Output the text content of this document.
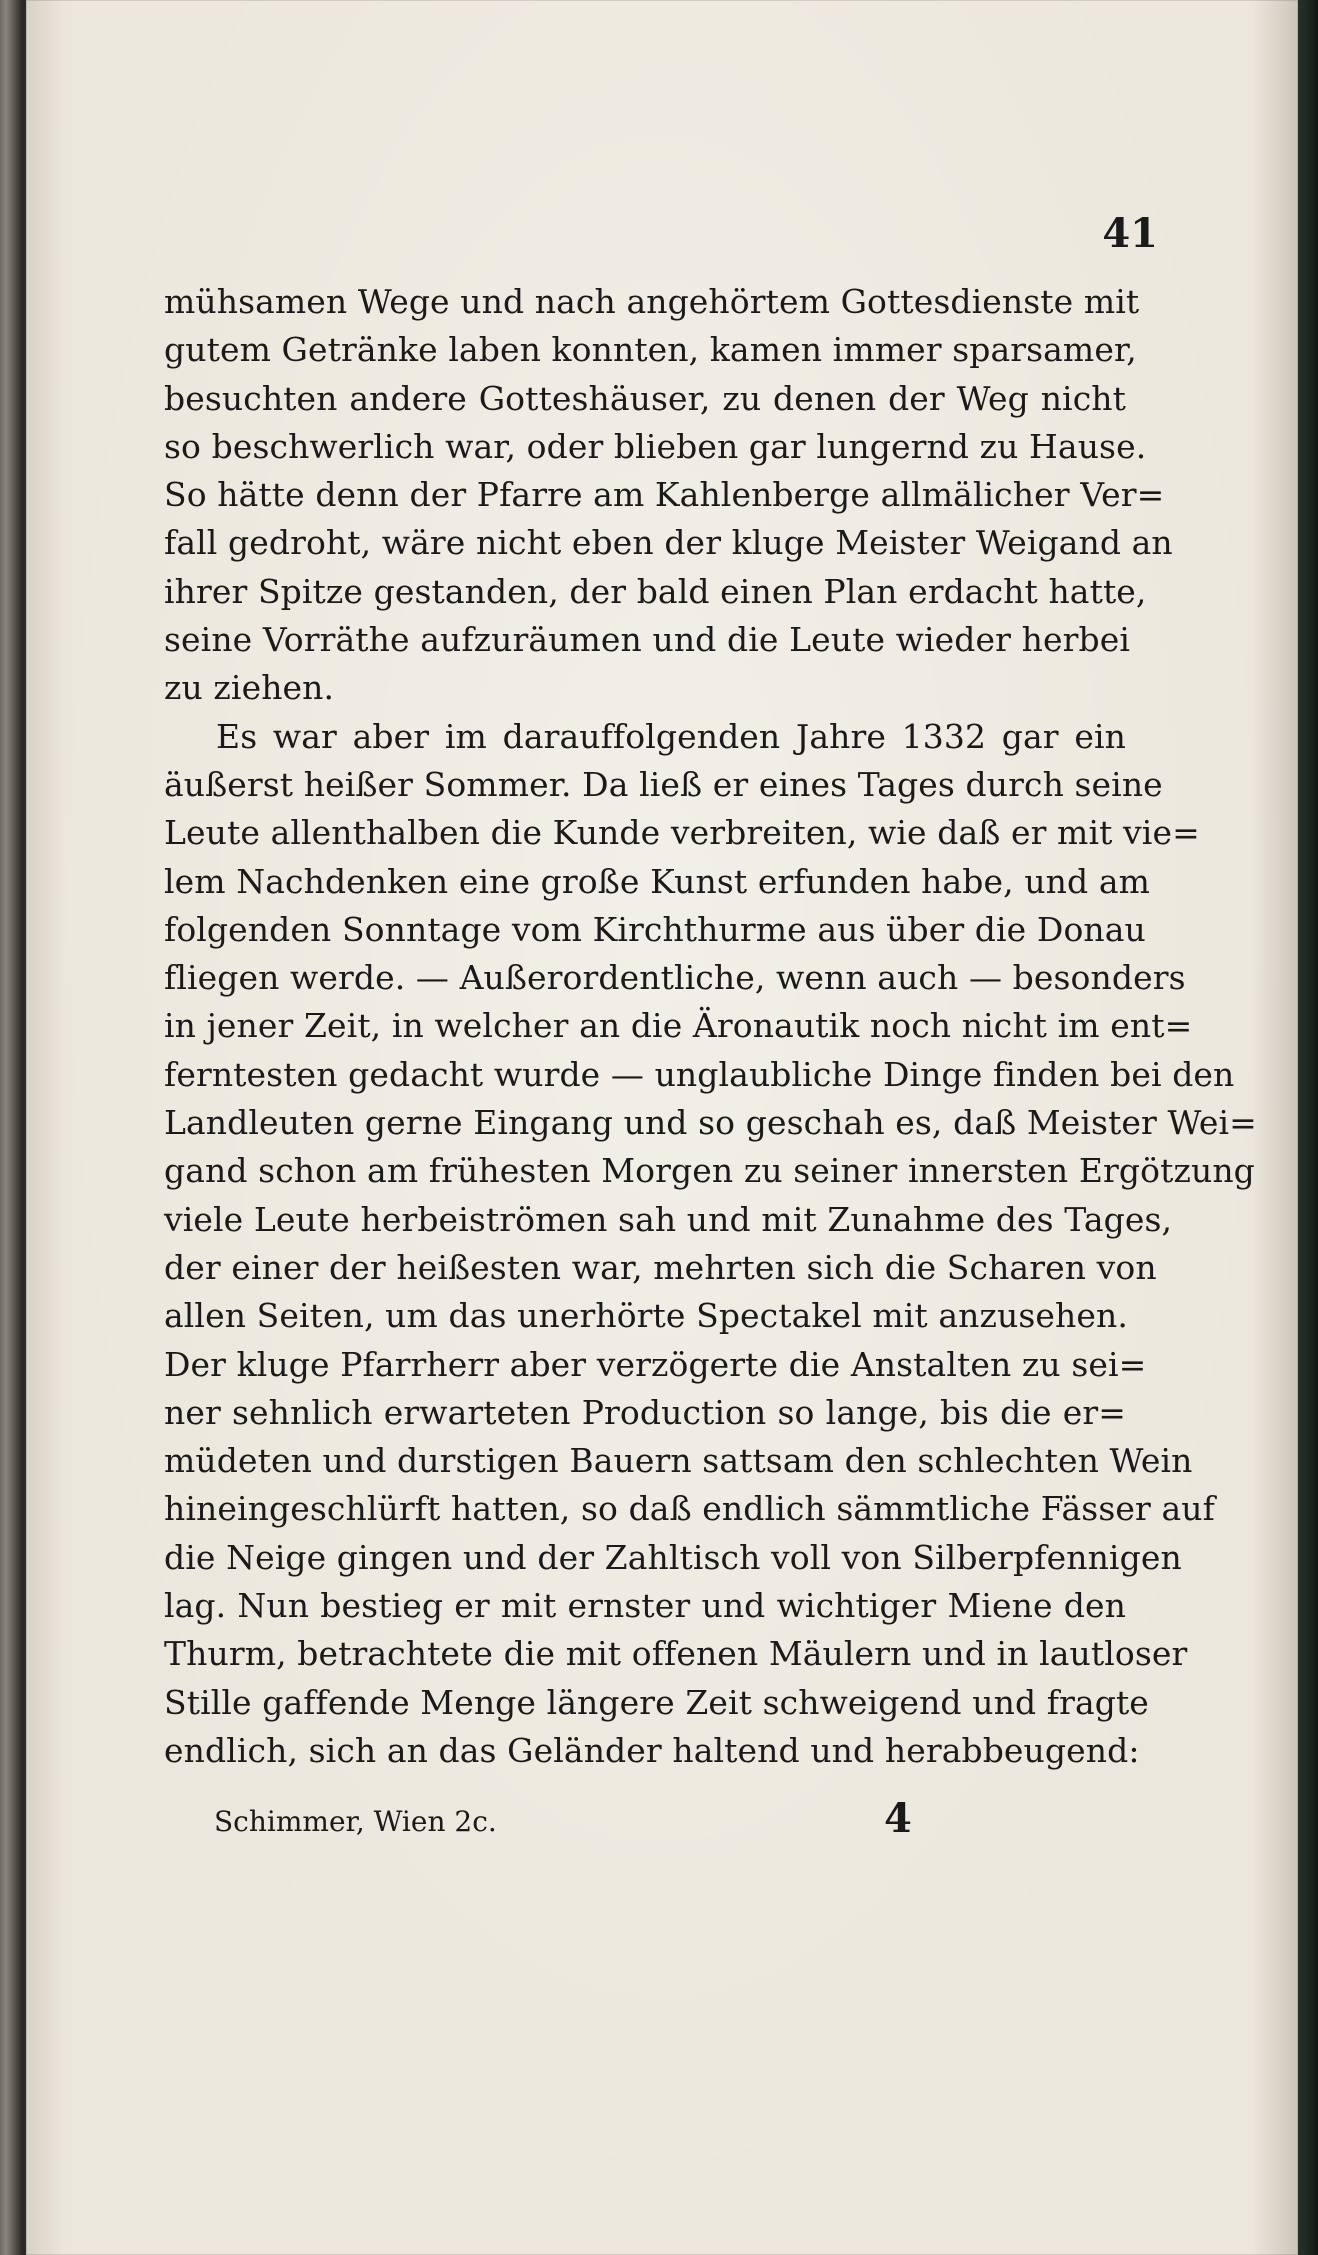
41
mühsamen Wege und nach angehörtem Gottesdienste mit
gutem Getränke laben konnten, kamen immer sparsamer,
besuchten andere Gotteshäuser, zu denen der Weg nicht
so beschwerlich war, oder blieben gar lungernd zu Hause.
So hätte denn der Pfarre am Kahlenberge allmälicher Ver=
fall gedroht, wäre nicht eben der kluge Meister Weigand an
ihrer Spitze gestanden, der bald einen Plan erdacht hatte,
seine Vorräthe aufzuräumen und die Leute wieder herbei
zu ziehen.
Es war aber im darauffolgenden Jahre 1332 gar ein
äußerst heißer Sommer. Da ließ er eines Tages durch seine
Leute allenthalben die Kunde verbreiten, wie daß er mit vie=
lem Nachdenken eine große Kunst erfunden habe, und am
folgenden Sonntage vom Kirchthurme aus über die Donau
fliegen werde. — Außerordentliche, wenn auch — besonders
in jener Zeit, in welcher an die Äronautik noch nicht im ent=
ferntesten gedacht wurde — unglaubliche Dinge finden bei den
Landleuten gerne Eingang und so geschah es, daß Meister Wei=
gand schon am frühesten Morgen zu seiner innersten Ergötzung
viele Leute herbeiströmen sah und mit Zunahme des Tages,
der einer der heißesten war, mehrten sich die Scharen von
allen Seiten, um das unerhörte Spectakel mit anzusehen.
Der kluge Pfarrherr aber verzögerte die Anstalten zu sei=
ner sehnlich erwarteten Production so lange, bis die er=
müdeten und durstigen Bauern sattsam den schlechten Wein
hineingeschlürft hatten, so daß endlich sämmtliche Fässer auf
die Neige gingen und der Zahltisch voll von Silberpfennigen
lag. Nun bestieg er mit ernster und wichtiger Miene den
Thurm, betrachtete die mit offenen Mäulern und in lautloser
Stille gaffende Menge längere Zeit schweigend und fragte
endlich, sich an das Geländer haltend und herabbeugend:
Schimmer, Wien 2c.	4
